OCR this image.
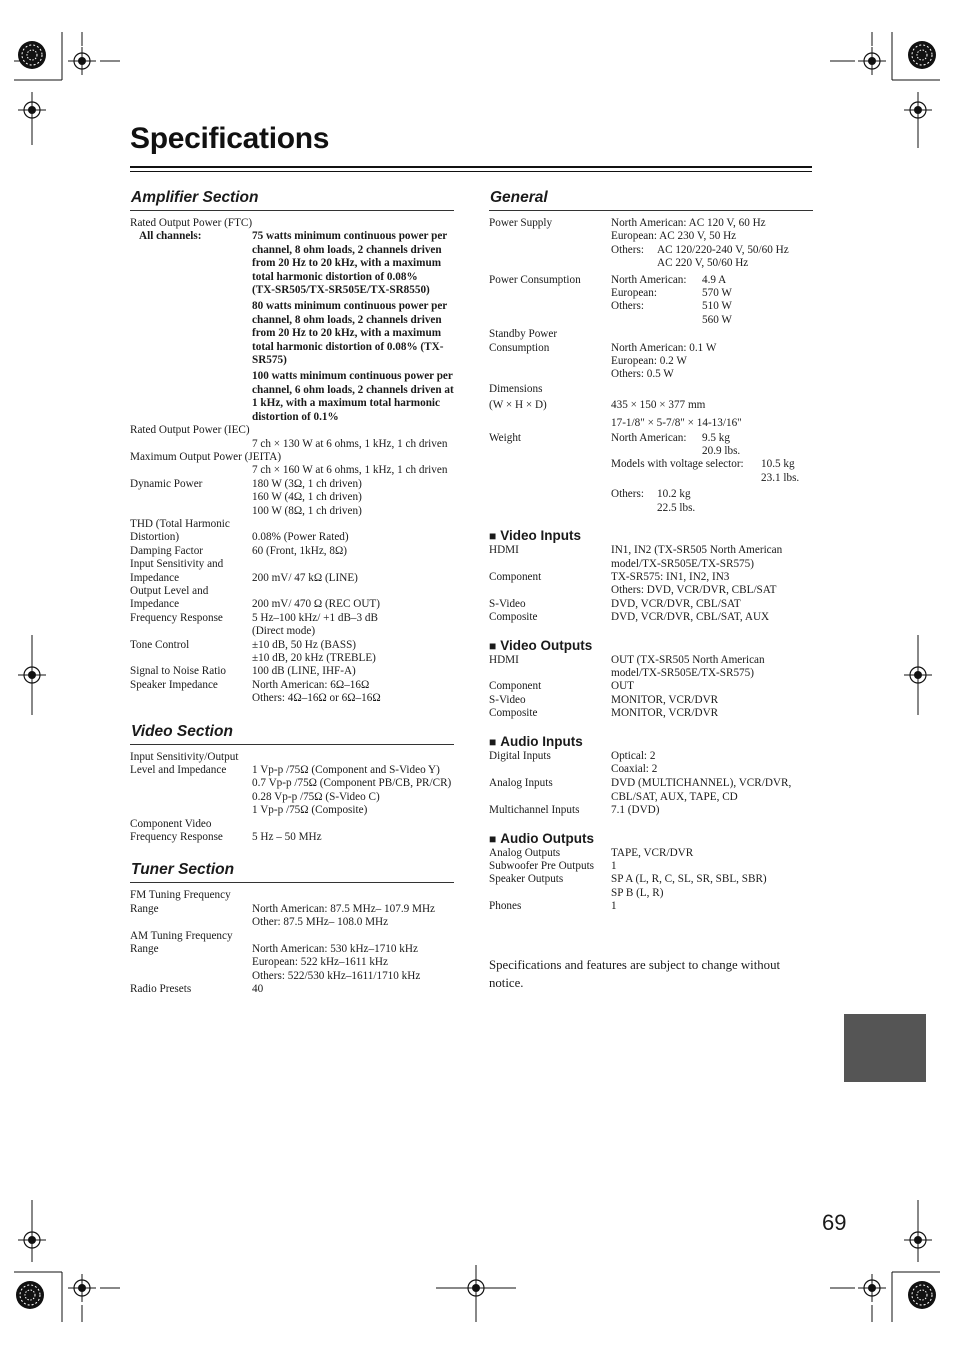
Specifications
Amplifier Section
Rated Output Power (FTC)
All channels:	75 watts minimum continuous power per channel, 8 ohm loads, 2 channels driven from 20 Hz to 20 kHz, with a maximum total harmonic distortion of 0.08%
(TX-SR505/TX-SR505E/TX-SR8550)
80 watts minimum continuous power per channel, 8 ohm loads, 2 channels driven from 20 Hz to 20 kHz, with a maximum total harmonic distortion of 0.08% (TX-SR575)
100 watts minimum continuous power per channel, 6 ohm loads, 2 channels driven at 1 kHz, with a maximum total harmonic distortion of 0.1%
Rated Output Power (IEC)
7 ch × 130 W at 6 ohms, 1 kHz, 1 ch driven
Maximum Output Power (JEITA)
7 ch × 160 W at 6 ohms, 1 kHz, 1 ch driven
Dynamic Power	180 W (3Ω, 1 ch driven)
160 W (4Ω, 1 ch driven)
100 W (8Ω, 1 ch driven)
THD (Total Harmonic
Distortion)	0.08% (Power Rated)
Damping Factor	60 (Front, 1kHz, 8Ω)
Input Sensitivity and
Impedance	200 mV/ 47 kΩ (LINE)
Output Level and
Impedance	200 mV/ 470 Ω (REC OUT)
Frequency Response	5 Hz–100 kHz/ +1 dB–3 dB
(Direct mode)
Tone Control	±10 dB, 50 Hz (BASS)
±10 dB, 20 kHz (TREBLE)
Signal to Noise Ratio	100 dB (LINE, IHF-A)
Speaker Impedance	North American: 6Ω–16Ω
Others: 4Ω–16Ω or 6Ω–16Ω
Video Section
Input Sensitivity/Output
Level and Impedance	1 Vp-p /75Ω (Component and S-Video Y)
0.7 Vp-p /75Ω (Component PB/CB, PR/CR)
0.28 Vp-p /75Ω (S-Video C)
1 Vp-p /75Ω (Composite)
Component Video
Frequency Response	5 Hz – 50 MHz
Tuner Section
FM Tuning Frequency
Range	North American: 87.5 MHz– 107.9 MHz
Other: 87.5 MHz– 108.0 MHz
AM Tuning Frequency
Range	North American: 530 kHz–1710 kHz
European: 522 kHz–1611 kHz
Others: 522/530 kHz–1611/1710 kHz
Radio Presets	40
General
Power Supply	North American: AC 120 V, 60 Hz
European: AC 230 V, 50 Hz
Others:	AC 120/220-240 V, 50/60 Hz
AC 220 V, 50/60 Hz
Power Consumption	North American:	4.9 A
European:	570 W
Others:	510 W
560 W
Standby Power
Consumption	North American: 0.1 W
European: 0.2 W
Others: 0.5 W
Dimensions
(W × H × D)	435 × 150 × 377 mm
17-1/8" × 5-7/8" × 14-13/16"
Weight	North American:	9.5 kg
20.9 lbs.
Models with voltage selector:	10.5 kg
23.1 lbs.
Others:	10.2 kg
22.5 lbs.
■ Video Inputs
HDMI	IN1, IN2 (TX-SR505 North American
model/TX-SR505E/TX-SR575)
Component	TX-SR575: IN1, IN2, IN3
Others: DVD, VCR/DVR, CBL/SAT
S-Video	DVD, VCR/DVR, CBL/SAT
Composite	DVD, VCR/DVR, CBL/SAT, AUX
■ Video Outputs
HDMI	OUT (TX-SR505 North American
model/TX-SR505E/TX-SR575)
Component	OUT
S-Video	MONITOR, VCR/DVR
Composite	MONITOR, VCR/DVR
■ Audio Inputs
Digital Inputs	Optical: 2
Coaxial: 2
Analog Inputs	DVD (MULTICHANNEL), VCR/DVR,
CBL/SAT, AUX, TAPE, CD
Multichannel Inputs	7.1 (DVD)
■ Audio Outputs
Analog Outputs	TAPE, VCR/DVR
Subwoofer Pre Outputs	1
Speaker Outputs	SP A (L, R, C, SL, SR, SBL, SBR)
SP B (L, R)
Phones	1
Specifications and features are subject to change without notice.
69
